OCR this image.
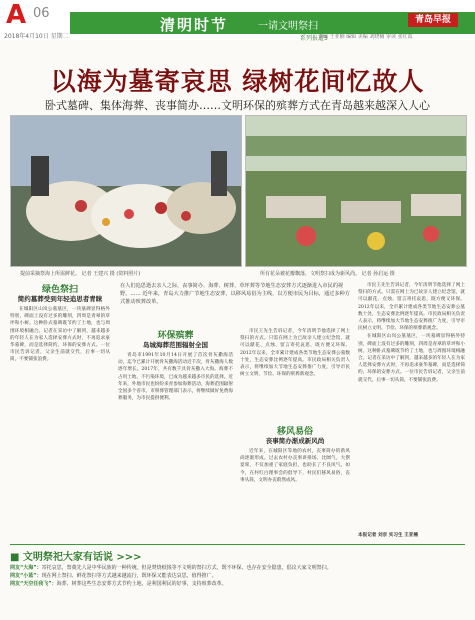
A 06
2018年4月10日 星期二
清明时节	一请文明祭扫
青岛早报
系列报道5
责编 王亚楠 编辑 美编 刘晓楠 审读 张红霞
以海为墓寄哀思 绿树花间忆故人
卧式墓碑、集体海葬、丧事简办……文明环保的殡葬方式在青岛越来越深入人心
提前采摘祭海上所需鲜花。 记者 王建兴 摄 (资料照片)	所有花朵被花瓣飘落，文明祭扫成为新风尚。 记者 孙启运 摄
在人们追思逝去亲人之际，丧事简办、海葬、树葬、草坪葬等节地生态安葬方式逐渐进入市民的视野。…… 近年来，青岛大力推广节地生态安葬，以移风易俗为主线，以方便市民为目标，通过多种方式推动殡葬改革。
绿色祭扫
简约墓葬受到年轻追思者青睐

在城阳区山岚公墓墓区，一块墓碑显得格外特别，碑面上没有过多的雕刻，四周是青翠的草坪和小树。这种卧式墓碑既节约了土地，也与周围环境相融合。记者在采访中了解到，越来越多的年轻人在为家人选择安葬方式时，不再追求豪华墓碑，而是选择简约、环保的安葬方式。一位市民告诉记者，父亲生前就交代，后事一切从简，不要铺张浪费。

环保殡葬
岛城海葬范围辐射全国

青岛市1991年10月14日开展了首次骨灰撒海活动，迄今已累计开展骨灰撒海活动近千次，骨灰撒海人数逐年增长。2017年，共有数千具骨灰撒入大海。海葬不占用土地、不污染环境，已成为越来越多市民的选择。近年来，外地市民也纷纷来青参加海葬活动，海葬范围辐射全国多个省市。市殡葬管理部门表示，将继续做好免费海葬服务，为市民提供便利。

市民王先生告诉记者，今年清明节他选择了网上祭扫的方式。只需在网上为已故亲人建立纪念馆，就可以献花、点烛、留言寄托哀思，既方便又环保。2012年以来，全市累计建成各类节地生态安葬公墓数十处，生态安葬比例逐年提高。市民政局相关负责人表示，将继续加大节地生态安葬推广力度，引导市民树立文明、节俭、环保的殡葬新观念。

移风易俗
丧事简办渐成新风尚

近年来，在城阳区等地的农村，丧事简办的新风尚逐渐形成。过去农村办丧事讲排场、比阔气，大摆宴席，不仅加重了家庭负担，也助长了不良风气。如今，在村红白理事会的倡导下，村民们移风易俗，丧事从简，文明办丧蔚然成风。

市民王先生告诉记者，今年清明节他选择了网上祭扫的方式。只需在网上为已故亲人建立纪念馆，就可以献花、点烛、留言寄托哀思，既方便又环保。2012年以来，全市累计建成各类节地生态安葬公墓数十处，生态安葬比例逐年提高。市民政局相关负责人表示，将继续加大节地生态安葬推广力度，引导市民树立文明、节俭、环保的殡葬新观念。

在城阳区山岚公墓墓区，一块墓碑显得格外特别，碑面上没有过多的雕刻，四周是青翠的草坪和小树。这种卧式墓碑既节约了土地，也与周围环境相融合。记者在采访中了解到，越来越多的年轻人在为家人选择安葬方式时，不再追求豪华墓碑，而是选择简约、环保的安葬方式。一位市民告诉记者，父亲生前就交代，后事一切从简，不要铺张浪费。

本报记者 刘京 实习生 王亚楠
■ 文明祭祀大家有话说 >>>
网友“大海”：寄托哀思，祭奠先人是中华民族的一种传统。但是焚烧纸钱等不文明的祭扫方式，既不环保，也存在安全隐患，倡议大家文明祭扫。
网友“小蓝”：现在网上祭扫、鲜花祭扫等方式越来越流行，既环保又能表达哀思，值得推广。
网友“天空任我飞”：海葬、树葬这些生态安葬方式节约土地，是利国利民的好事，支持殡葬改革。
